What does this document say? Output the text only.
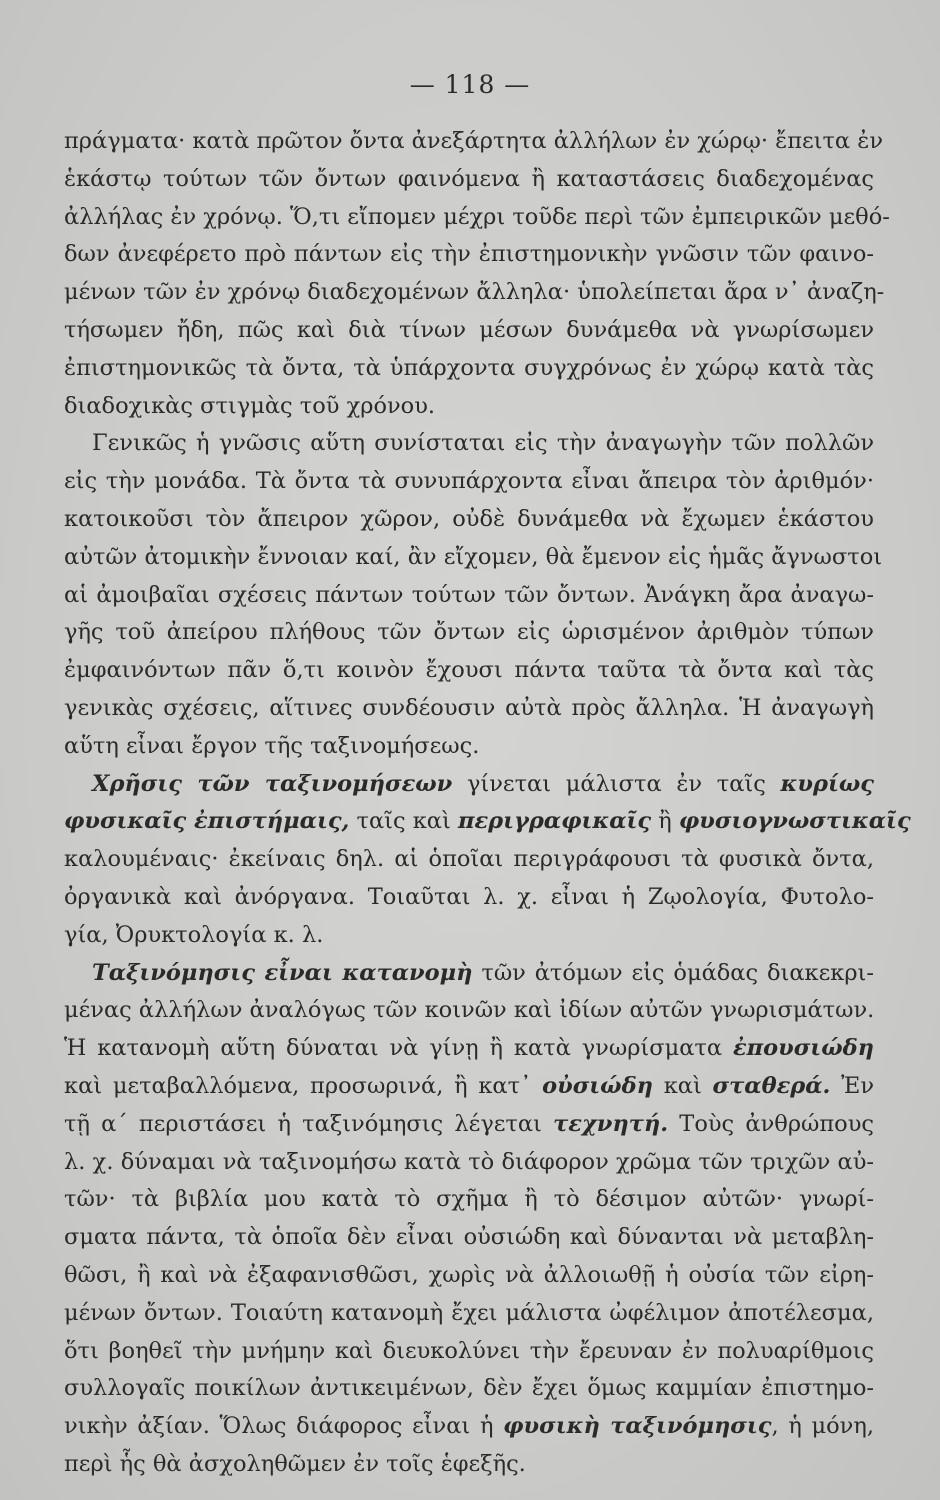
— 118 —
πράγματα· κατὰ πρῶτον ὄντα ἀνεξάρτητα ἀλλήλων ἐν χώρῳ· ἔπειτα ἐν
ἑκάστῳ τούτων τῶν ὄντων φαινόμενα ἢ καταστάσεις διαδεχομένας
ἀλλήλας ἐν χρόνῳ. Ὅ,τι εἴπομεν μέχρι τοῦδε περὶ τῶν ἐμπειρικῶν μεθό-
δων ἀνεφέρετο πρὸ πάντων εἰς τὴν ἐπιστημονικὴν γνῶσιν τῶν φαινο-
μένων τῶν ἐν χρόνῳ διαδεχομένων ἄλληλα· ὑπολείπεται ἄρα ν᾽ ἀναζη-
τήσωμεν ἤδη, πῶς καὶ διὰ τίνων μέσων δυνάμεθα νὰ γνωρίσωμεν
ἐπιστημονικῶς τὰ ὄντα, τὰ ὑπάρχοντα συγχρόνως ἐν χώρῳ κατὰ τὰς
διαδοχικὰς στιγμὰς τοῦ χρόνου.
Γενικῶς ἡ γνῶσις αὕτη συνίσταται εἰς τὴν ἀναγωγὴν τῶν πολλῶν
εἰς τὴν μονάδα. Τὰ ὄντα τὰ συνυπάρχοντα εἶναι ἄπειρα τὸν ἀριθμόν·
κατοικοῦσι τὸν ἄπειρον χῶρον, οὐδὲ δυνάμεθα νὰ ἔχωμεν ἑκάστου
αὐτῶν ἀτομικὴν ἔννοιαν καί, ἂν εἴχομεν, θὰ ἔμενον εἰς ἡμᾶς ἄγνωστοι
αἱ ἀμοιβαῖαι σχέσεις πάντων τούτων τῶν ὄντων. Ἀνάγκη ἄρα ἀναγω-
γῆς τοῦ ἀπείρου πλήθους τῶν ὄντων εἰς ὡρισμένον ἀριθμὸν τύπων
ἐμφαινόντων πᾶν ὅ,τι κοινὸν ἔχουσι πάντα ταῦτα τὰ ὄντα καὶ τὰς
γενικὰς σχέσεις, αἵτινες συνδέουσιν αὐτὰ πρὸς ἄλληλα. Ἡ ἀναγωγὴ
αὕτη εἶναι ἔργον τῆς ταξινομήσεως.
Χρῆσις τῶν ταξινομήσεων γίνεται μάλιστα ἐν ταῖς κυρίως
φυσικαῖς ἐπιστήμαις, ταῖς καὶ περιγραφικαῖς ἢ φυσιογνωστικαῖς
καλουμέναις· ἐκείναις δηλ. αἱ ὁποῖαι περιγράφουσι τὰ φυσικὰ ὄντα,
ὀργανικὰ καὶ ἀνόργανα. Τοιαῦται λ. χ. εἶναι ἡ Ζῳολογία, Φυτολο-
γία, Ὀρυκτολογία κ. λ.
Ταξινόμησις εἶναι κατανομὴ τῶν ἀτόμων εἰς ὁμάδας διακεκρι-
μένας ἀλλήλων ἀναλόγως τῶν κοινῶν καὶ ἰδίων αὐτῶν γνωρισμάτων.
Ἡ κατανομὴ αὕτη δύναται νὰ γίνῃ ἢ κατὰ γνωρίσματα ἐπουσιώδη
καὶ μεταβαλλόμενα, προσωρινά, ἢ κατ᾽ οὐσιώδη καὶ σταθερά. Ἐν
τῇ α΄ περιστάσει ἡ ταξινόμησις λέγεται τεχνητή. Τοὺς ἀνθρώπους
λ. χ. δύναμαι νὰ ταξινομήσω κατὰ τὸ διάφορον χρῶμα τῶν τριχῶν αὐ-
τῶν· τὰ βιβλία μου κατὰ τὸ σχῆμα ἢ τὸ δέσιμον αὐτῶν· γνωρί-
σματα πάντα, τὰ ὁποῖα δὲν εἶναι οὐσιώδη καὶ δύνανται νὰ μεταβλη-
θῶσι, ἢ καὶ νὰ ἐξαφανισθῶσι, χωρὶς νὰ ἀλλοιωθῇ ἡ οὐσία τῶν εἰρη-
μένων ὄντων. Τοιαύτη κατανομὴ ἔχει μάλιστα ὠφέλιμον ἀποτέλεσμα,
ὅτι βοηθεῖ τὴν μνήμην καὶ διευκολύνει τὴν ἔρευναν ἐν πολυαρίθμοις
συλλογαῖς ποικίλων ἀντικειμένων, δὲν ἔχει ὅμως καμμίαν ἐπιστημο-
νικὴν ἀξίαν. Ὅλως διάφορος εἶναι ἡ φυσικὴ ταξινόμησις, ἡ μόνη,
περὶ ἧς θὰ ἀσχοληθῶμεν ἐν τοῖς ἑφεξῆς.
